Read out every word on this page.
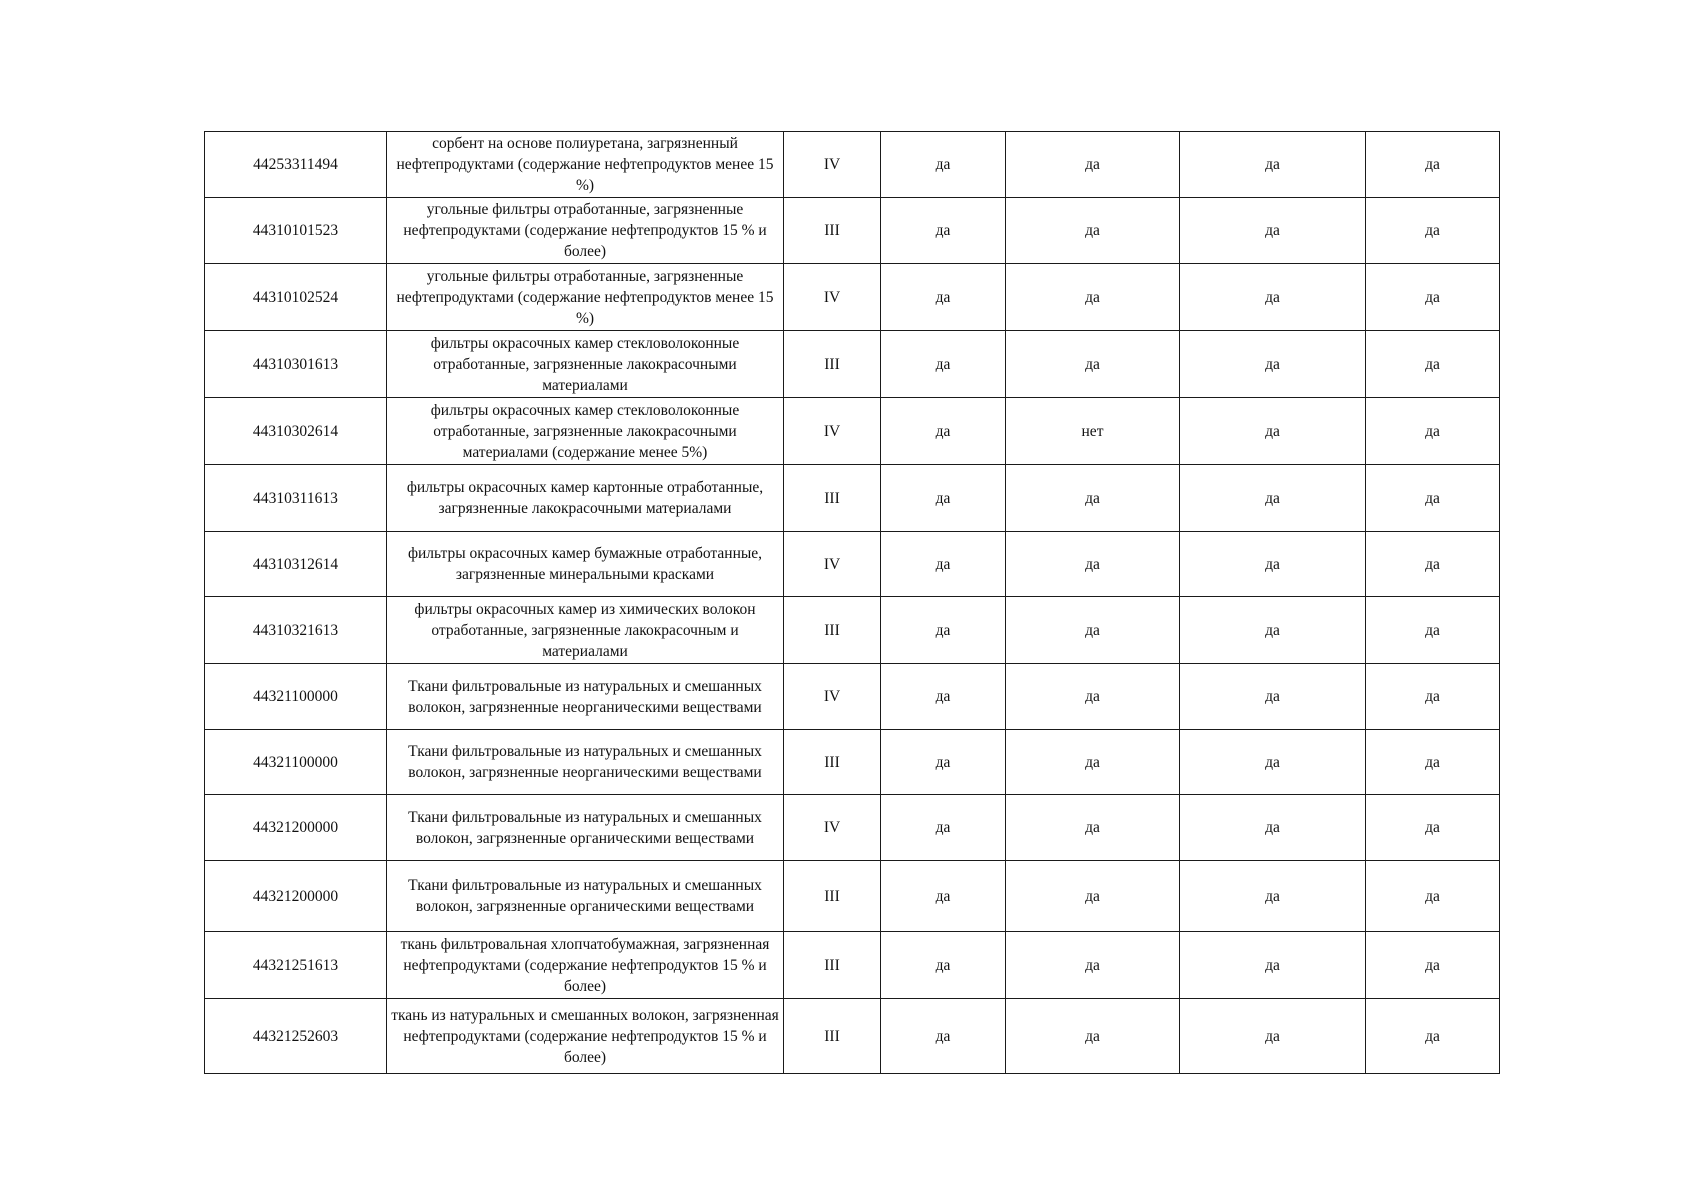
44253311494	сорбент на основе полиуретана, загрязненный нефтепродуктами (содержание нефтепродуктов менее 15 %)	IV	да	да	да	да
44310101523	угольные фильтры отработанные, загрязненные нефтепродуктами (содержание нефтепродуктов 15 % и более)	III	да	да	да	да
44310102524	угольные фильтры отработанные, загрязненные нефтепродуктами (содержание нефтепродуктов менее 15 %)	IV	да	да	да	да
44310301613	фильтры окрасочных камер стекловолоконные отработанные, загрязненные лакокрасочными материалами	III	да	да	да	да
44310302614	фильтры окрасочных камер стекловолоконные отработанные, загрязненные лакокрасочными материалами (содержание менее 5%)	IV	да	нет	да	да
44310311613	фильтры окрасочных камер картонные отработанные, загрязненные лакокрасочными материалами	III	да	да	да	да
44310312614	фильтры окрасочных камер бумажные отработанные, загрязненные минеральными красками	IV	да	да	да	да
44310321613	фильтры окрасочных камер из химических волокон отработанные, загрязненные лакокрасочным и материалами	III	да	да	да	да
44321100000	Ткани фильтровальные из натуральных и смешанных волокон, загрязненные неорганическими веществами	IV	да	да	да	да
44321100000	Ткани фильтровальные из натуральных и смешанных волокон, загрязненные неорганическими веществами	III	да	да	да	да
44321200000	Ткани фильтровальные из натуральных и смешанных волокон, загрязненные органическими веществами	IV	да	да	да	да
44321200000	Ткани фильтровальные из натуральных и смешанных волокон, загрязненные органическими веществами	III	да	да	да	да
44321251613	ткань фильтровальная хлопчатобумажная, загрязненная нефтепродуктами (содержание нефтепродуктов 15 % и более)	III	да	да	да	да
44321252603	ткань из натуральных и смешанных волокон, загрязненная нефтепродуктами (содержание нефтепродуктов 15 % и более)	III	да	да	да	да
